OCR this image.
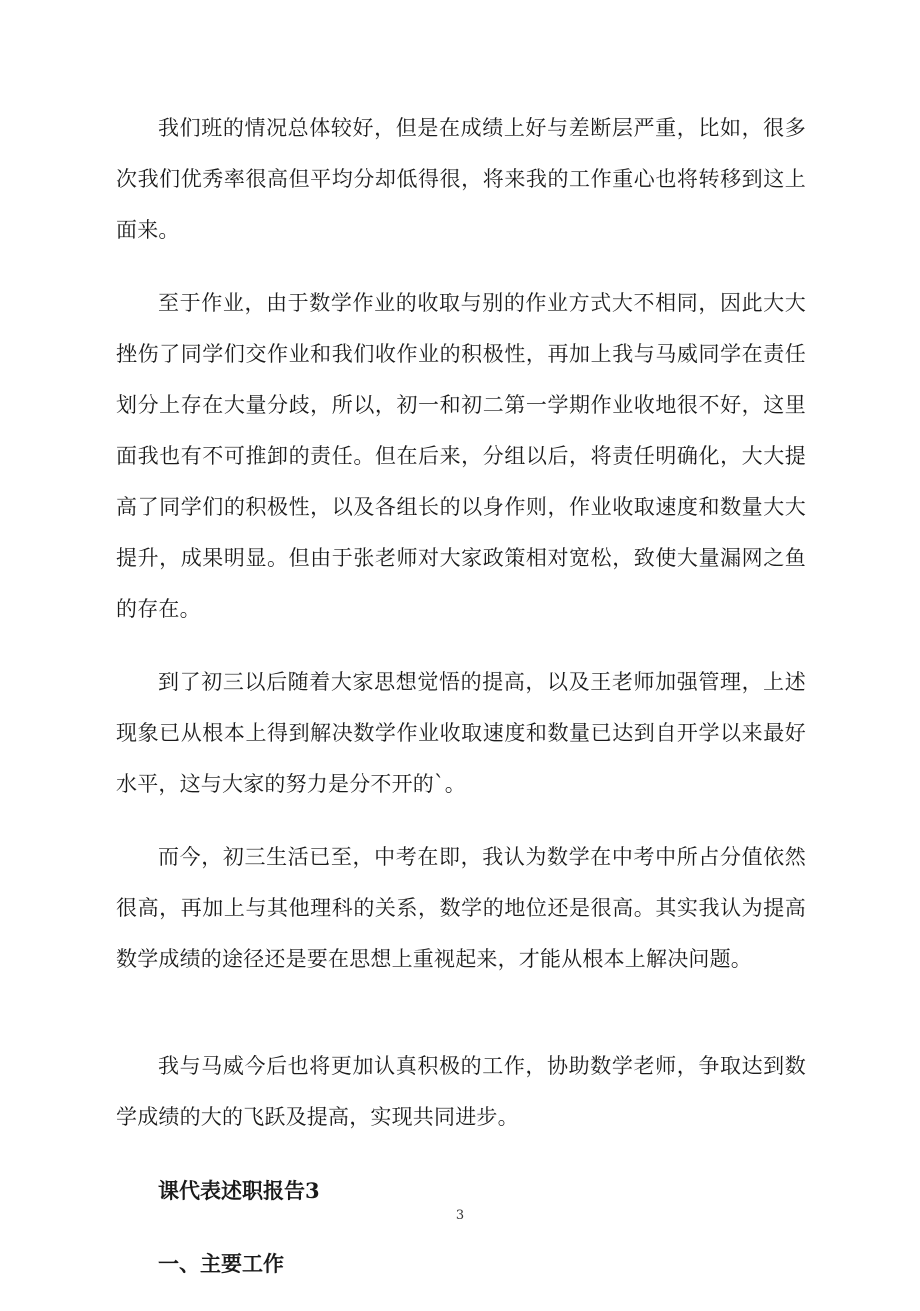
我们班的情况总体较好，但是在成绩上好与差断层严重，比如，很多次我们优秀率很高但平均分却低得很，将来我的工作重心也将转移到这上面来。

至于作业，由于数学作业的收取与别的作业方式大不相同，因此大大挫伤了同学们交作业和我们收作业的积极性，再加上我与马威同学在责任划分上存在大量分歧，所以，初一和初二第一学期作业收地很不好，这里面我也有不可推卸的责任。但在后来，分组以后，将责任明确化，大大提高了同学们的积极性，以及各组长的以身作则，作业收取速度和数量大大提升，成果明显。但由于张老师对大家政策相对宽松，致使大量漏网之鱼的存在。

到了初三以后随着大家思想觉悟的提高，以及王老师加强管理，上述现象已从根本上得到解决数学作业收取速度和数量已达到自开学以来最好水平，这与大家的努力是分不开的`。

而今，初三生活已至，中考在即，我认为数学在中考中所占分值依然很高，再加上与其他理科的关系，数学的地位还是很高。其实我认为提高数学成绩的途径还是要在思想上重视起来，才能从根本上解决问题。

我与马威今后也将更加认真积极的工作，协助数学老师，争取达到数学成绩的大的飞跃及提高，实现共同进步。

课代表述职报告3
一、主要工作
3
